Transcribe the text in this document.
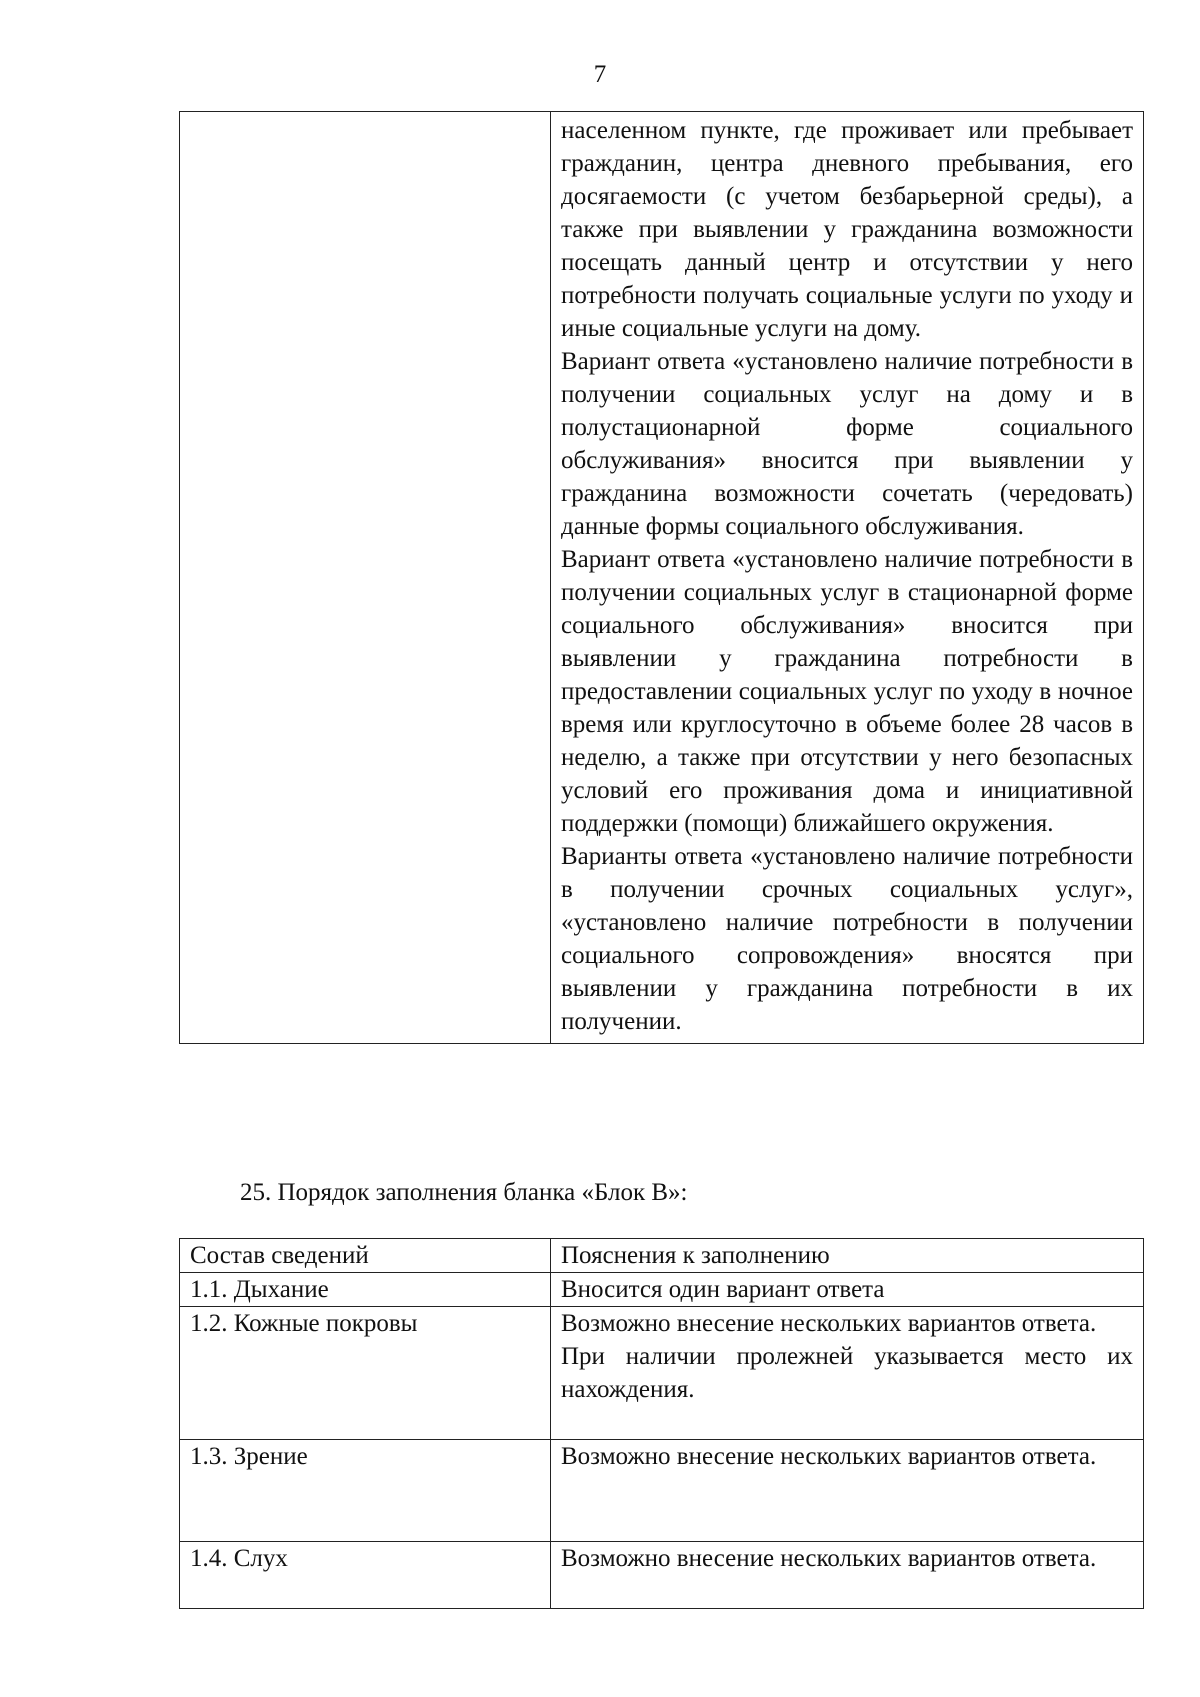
7

населенном пункте, где проживает или пребывает гражданин, центра дневного пребывания, его досягаемости (с учетом безбарьерной среды), а также при выявлении у гражданина возможности посещать данный центр и отсутствии у него потребности получать социальные услуги по уходу и иные социальные услуги на дому.

Вариант ответа «установлено наличие потребности в получении социальных услуг на дому и в полустационарной форме социального обслуживания» вносится при выявлении у гражданина возможности сочетать (чередовать) данные формы социального обслуживания.

Вариант ответа «установлено наличие потребности в получении социальных услуг в стационарной форме социального обслуживания» вносится при выявлении у гражданина потребности в предоставлении социальных услуг по уходу в ночное время или круглосуточно в объеме более 28 часов в неделю, а также при отсутствии у него безопасных условий его проживания дома и инициативной поддержки (помощи) ближайшего окружения.

Варианты ответа «установлено наличие потребности в получении срочных социальных услуг», «установлено наличие потребности в получении социального сопровождения» вносятся при выявлении у гражданина потребности в их получении.

25. Порядок заполнения бланка «Блок В»:

Состав сведений	Пояснения к заполнению
1.1. Дыхание	Вносится один вариант ответа

1.2. Кожные покровы	Возможно внесение нескольких вариантов ответа.

При наличии пролежней указывается место их нахождения.

1.3. Зрение	Возможно внесение нескольких вариантов ответа.

1.4. Слух	Возможно внесение нескольких вариантов ответа.
